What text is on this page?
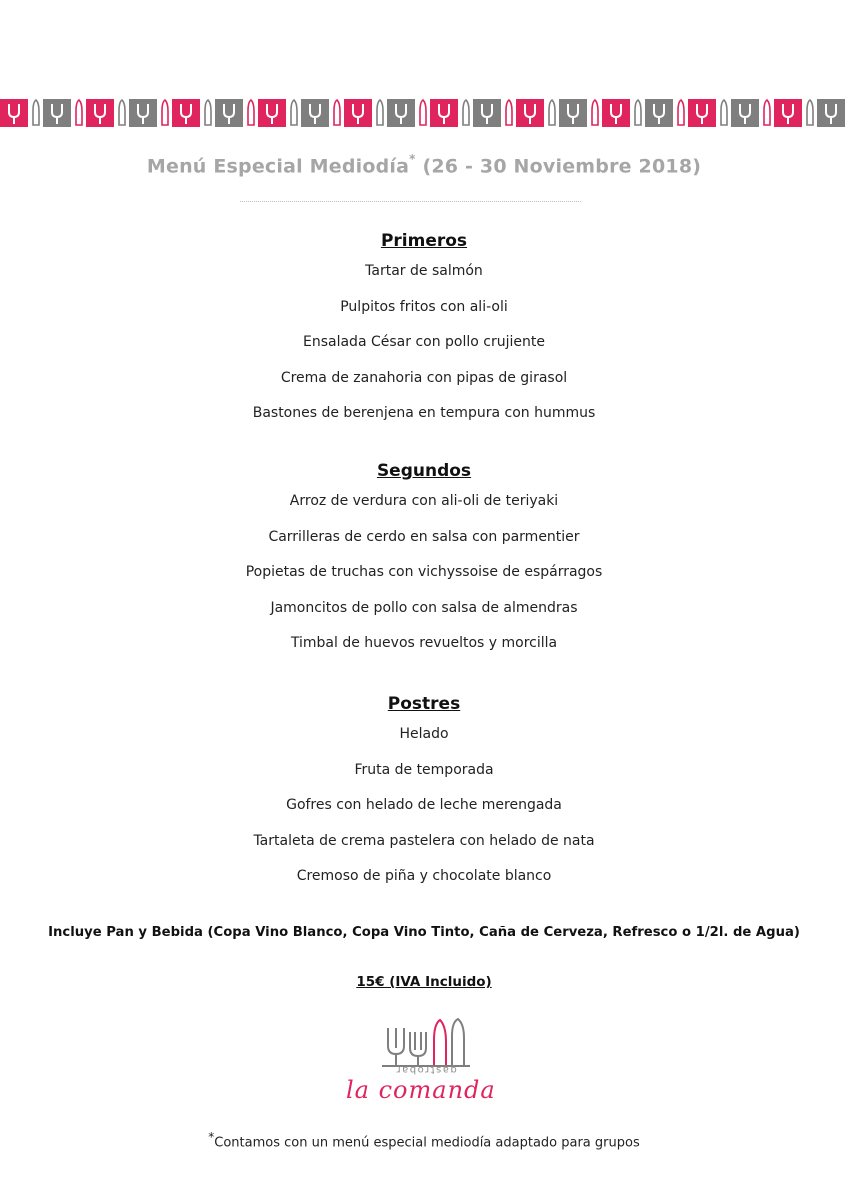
Menú Especial Mediodía* (26 - 30 Noviembre 2018)

Primeros

Tartar de salmón

Pulpitos fritos con ali-oli

Ensalada César con pollo crujiente

Crema de zanahoria con pipas de girasol

Bastones de berenjena en tempura con hummus

Segundos

Arroz de verdura con ali-oli de teriyaki

Carrilleras de cerdo en salsa con parmentier

Popietas de truchas con vichyssoise de espárragos

Jamoncitos de pollo con salsa de almendras

Timbal de huevos revueltos y morcilla

Postres

Helado

Fruta de temporada

Gofres con helado de leche merengada

Tartaleta de crema pastelera con helado de nata

Cremoso de piña y chocolate blanco

Incluye Pan y Bebida (Copa Vino Blanco, Copa Vino Tinto, Caña de Cerveza, Refresco o 1/2l. de Agua)
15€ (IVA Incluido)
gastrobar
la comanda
*Contamos con un menú especial mediodía adaptado para grupos
